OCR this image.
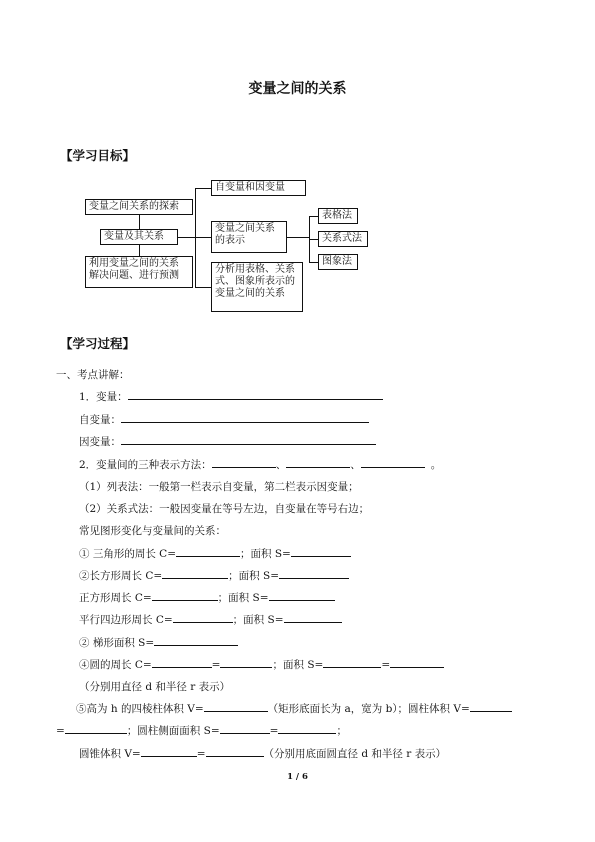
变量之间的关系
【学习目标】
变量之间关系的探索
变量及其关系
利用变量之间的关系
解决问题、进行预测
自变量和因变量
变量之间关系
的表示
分析用表格、关系
式、图象所表示的
变量之间的关系
表格法
关系式法
图象法
【学习过程】
一、考点讲解：
1．变量：
自变量：
因变量：
2．变量间的三种表示方法：	、	、	。
（1）列表法：一般第一栏表示自变量，第二栏表示因变量；
（2）关系式法：一般因变量在等号左边，自变量在等号右边；
常见图形变化与变量间的关系：
① 三角形的周长 C=	；面积 S=
②长方形周长 C=	；面积 S=
正方形周长 C=	；面积 S=
平行四边形周长 C=	；面积 S=
② 梯形面积 S=
④圆的周长 C=	=	；面积 S=	=
（分别用直径 d 和半径 r 表示）
⑤高为 h 的四棱柱体积 V=	（矩形底面长为 a，宽为 b）；圆柱体积 V=
=	；圆柱侧面面积 S=	=	；
圆锥体积 V=	=	（分别用底面圆直径 d 和半径 r 表示）
1 / 6
